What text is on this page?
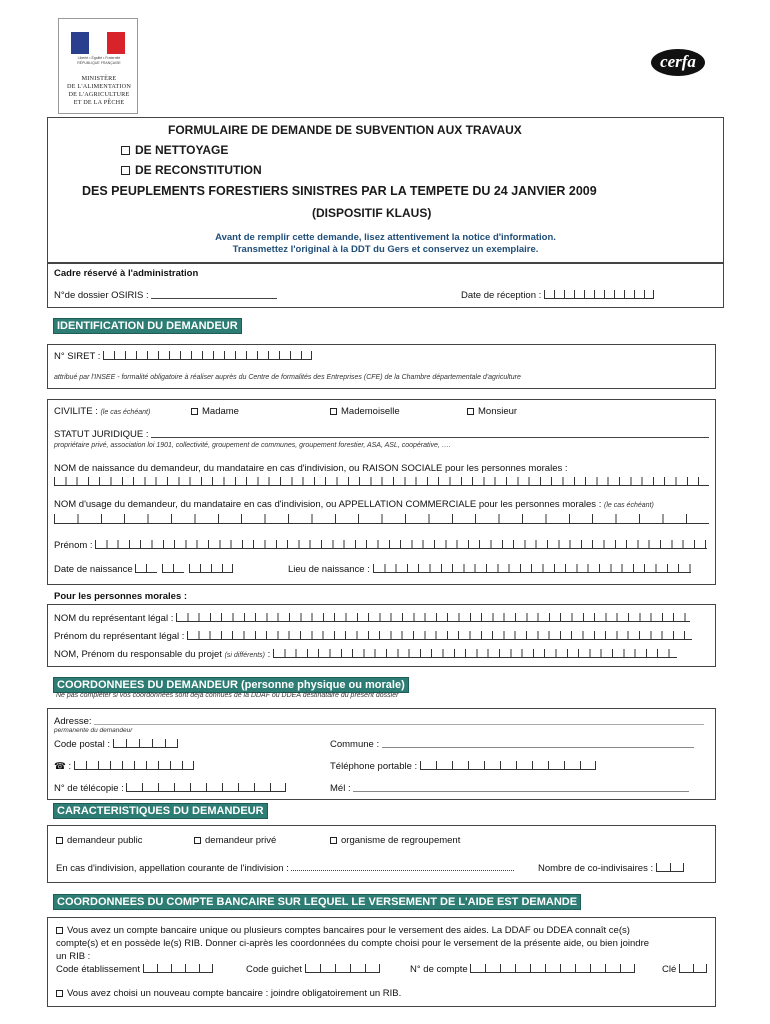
Liberté • Égalité • Fraternité
RÉPUBLIQUE FRANÇAISE
MINISTÈRE
DE L'ALIMENTATION
DE L'AGRICULTURE
ET DE LA PÊCHE
cerfa
FORMULAIRE DE DEMANDE DE SUBVENTION AUX TRAVAUX
DE NETTOYAGE
DE RECONSTITUTION
DES PEUPLEMENTS FORESTIERS SINISTRES PAR LA TEMPETE DU 24 JANVIER 2009
(DISPOSITIF KLAUS)
Avant de remplir cette demande, lisez attentivement la notice d'information.
Transmettez l'original à la DDT du Gers et conservez un exemplaire.
Cadre réservé à l'administration
N°de dossier OSIRIS :	Date de réception :
IDENTIFICATION DU DEMANDEUR
N° SIRET :
attribué par l'INSEE - formalité obligatoire à réaliser auprès du Centre de formalités des Entreprises (CFE) de la Chambre départementale d'agriculture
CIVILITE : (le cas échéant)	Madame	Mademoiselle	Monsieur
STATUT JURIDIQUE :
propriétaire privé, association loi 1901, collectivité, groupement de communes, groupement forestier, ASA, ASL, coopérative, ….
NOM de naissance du demandeur, du mandataire en cas d'indivision, ou RAISON SOCIALE pour les personnes morales :
NOM d'usage du demandeur, du mandataire en cas d'indivision, ou APPELLATION COMMERCIALE pour les personnes morales : (le cas échéant)
Prénom :
Date de naissance	Lieu de naissance :
Pour les personnes morales :
NOM du représentant légal :
Prénom du représentant légal :
NOM, Prénom du responsable du projet (si différents) :
COORDONNEES DU DEMANDEUR (personne physique ou morale)
Ne pas compléter si vos coordonnées sont déjà connues de la DDAF ou DDEA destinataire du présent dossier
Adresse:
permanente du demandeur
Code postal :	Commune :
☎ :	Téléphone portable :
N° de télécopie :	Mél :
CARACTERISTIQUES DU DEMANDEUR
demandeur public	demandeur privé	organisme de regroupement
En cas d'indivision, appellation courante de l'indivision :	Nombre de co-indivisaires :
COORDONNEES DU COMPTE BANCAIRE SUR LEQUEL LE VERSEMENT DE L'AIDE EST DEMANDE
Vous avez un compte bancaire unique ou plusieurs comptes bancaires pour le versement des aides. La DDAF ou DDEA connaît ce(s)
compte(s) et en possède le(s) RIB. Donner ci-après les coordonnées du compte choisi pour le versement de la présente aide, ou bien joindre
un RIB :
Code établissement	Code guichet	N° de compte	Clé
Vous avez choisi un nouveau compte bancaire : joindre obligatoirement un RIB.
